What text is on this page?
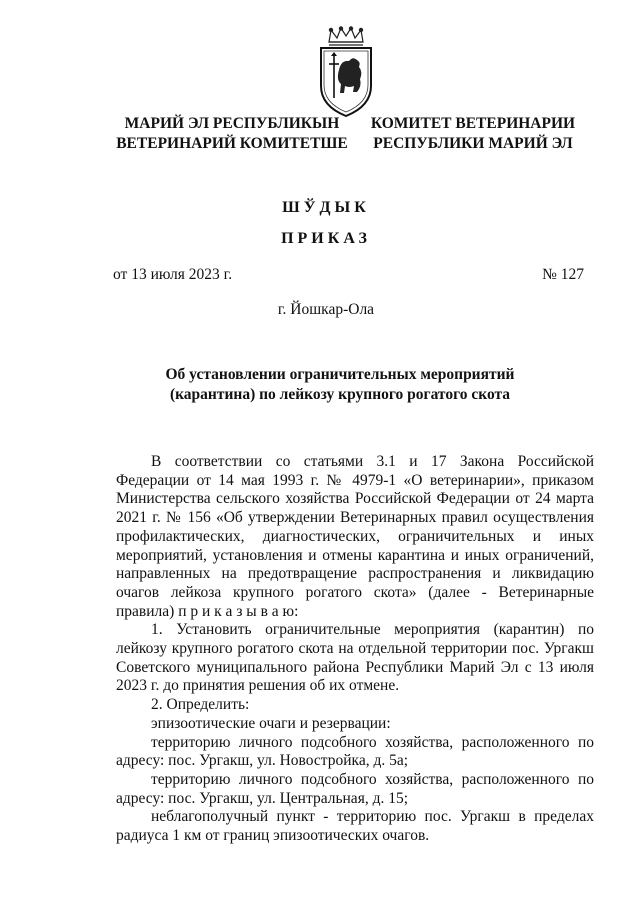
МАРИЙ ЭЛ РЕСПУБЛИКЫН
ВЕТЕРИНАРИЙ КОМИТЕТШЕ
КОМИТЕТ ВЕТЕРИНАРИИ
РЕСПУБЛИКИ МАРИЙ ЭЛ
ШЎДЫК
ПРИКАЗ
от 13 июля 2023 г.	№ 127
г. Йошкар-Ола
Об установлении ограничительных мероприятий
(карантина) по лейкозу крупного рогатого скота

В соответствии со статьями 3.1 и 17 Закона Российской Федерации от 14 мая 1993 г. № 4979-1 «О ветеринарии», приказом Министерства сельского хозяйства Российской Федерации от 24 марта 2021 г. № 156 «Об утверждении Ветеринарных правил осуществления профилактических, диагностических, ограничительных и иных мероприятий, установления и отмены карантина и иных ограничений, направленных на предотвращение распространения и ликвидацию очагов лейкоза крупного рогатого скота» (далее - Ветеринарные правила) п р и к а з ы в а ю:

1. Установить ограничительные мероприятия (карантин) по лейкозу крупного рогатого скота на отдельной территории пос. Ургакш Советского муниципального района Республики Марий Эл с 13 июля 2023 г. до принятия решения об их отмене.

2. Определить:

эпизоотические очаги и резервации:

территорию личного подсобного хозяйства, расположенного по адресу: пос. Ургакш, ул. Новостройка, д. 5а;

территорию личного подсобного хозяйства, расположенного по адресу: пос. Ургакш, ул. Центральная, д. 15;

неблагополучный пункт - территорию пос. Ургакш в пределах радиуса 1 км от границ эпизоотических очагов.
